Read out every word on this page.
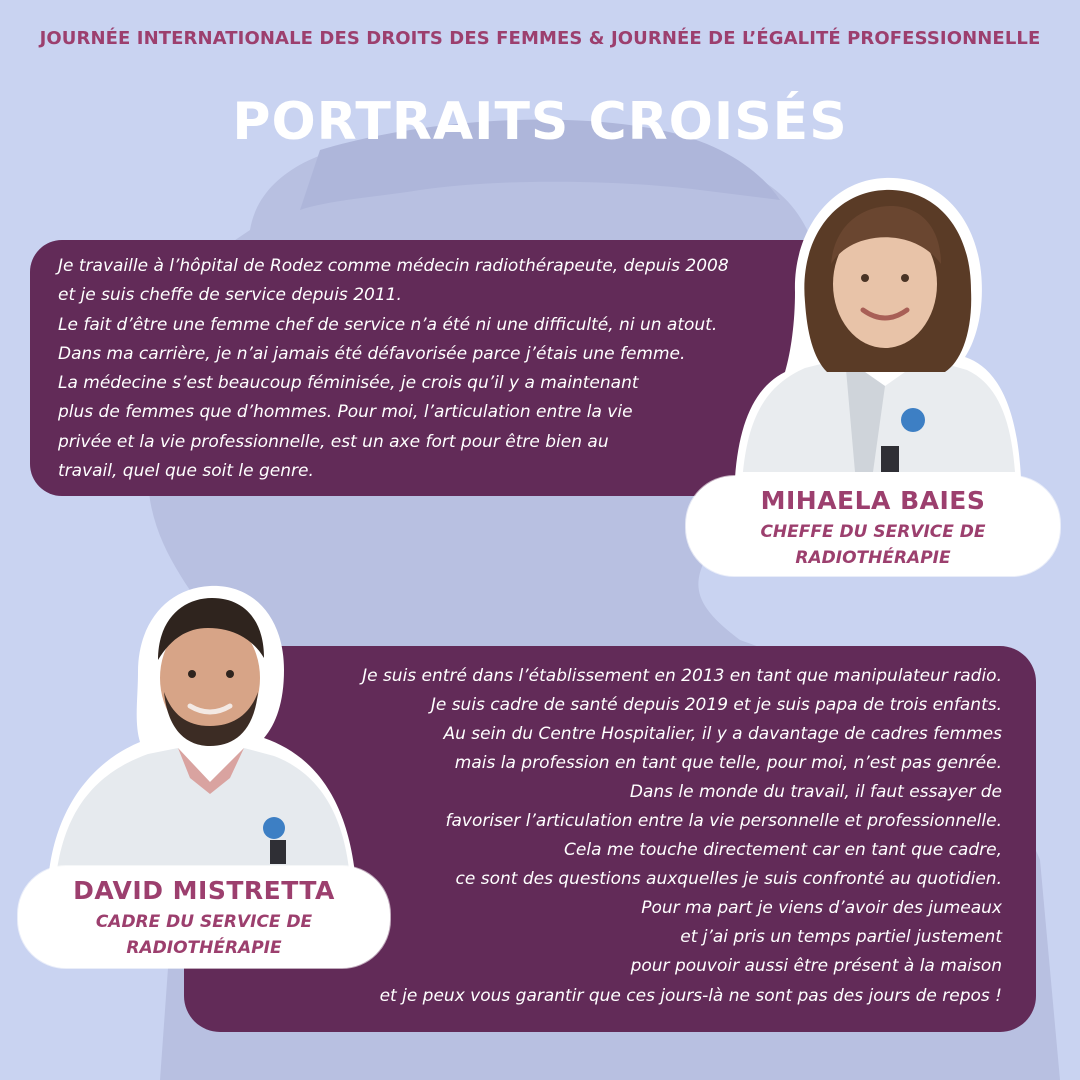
JOURNÉE INTERNATIONALE DES DROITS DES FEMMES & JOURNÉE DE L’ÉGALITÉ PROFESSIONNELLE
PORTRAITS CROISÉS
Je travaille à l’hôpital de Rodez comme médecin radiothérapeute, depuis 2008
et je suis cheffe de service depuis 2011.
Le fait d’être une femme chef de service n’a été ni une difficulté, ni un atout.
Dans ma carrière, je n’ai jamais été défavorisée parce j’étais une femme.
La médecine s’est beaucoup féminisée, je crois qu’il y a maintenant
plus de femmes que d’hommes. Pour moi, l’articulation entre la vie
privée et la vie professionnelle, est un axe fort pour être bien au
travail, quel que soit le genre.
MIHAELA BAIES
CHEFFE DU SERVICE DE
RADIOTHÉRAPIE
Je suis entré dans l’établissement en 2013 en tant que manipulateur radio.
Je suis cadre de santé depuis 2019 et je suis papa de trois enfants.
Au sein du Centre Hospitalier, il y a davantage de cadres femmes
mais la profession en tant que telle, pour moi, n’est pas genrée.
Dans le monde du travail, il faut essayer de
favoriser l’articulation entre la vie personnelle et professionnelle.
Cela me touche directement car en tant que cadre,
ce sont des questions auxquelles je suis confronté au quotidien.
Pour ma part je viens d’avoir des jumeaux
et j’ai pris un temps partiel justement
pour pouvoir aussi être présent à la maison
et je peux vous garantir que ces jours-là ne sont pas des jours de repos !
DAVID MISTRETTA
CADRE DU SERVICE DE
RADIOTHÉRAPIE
